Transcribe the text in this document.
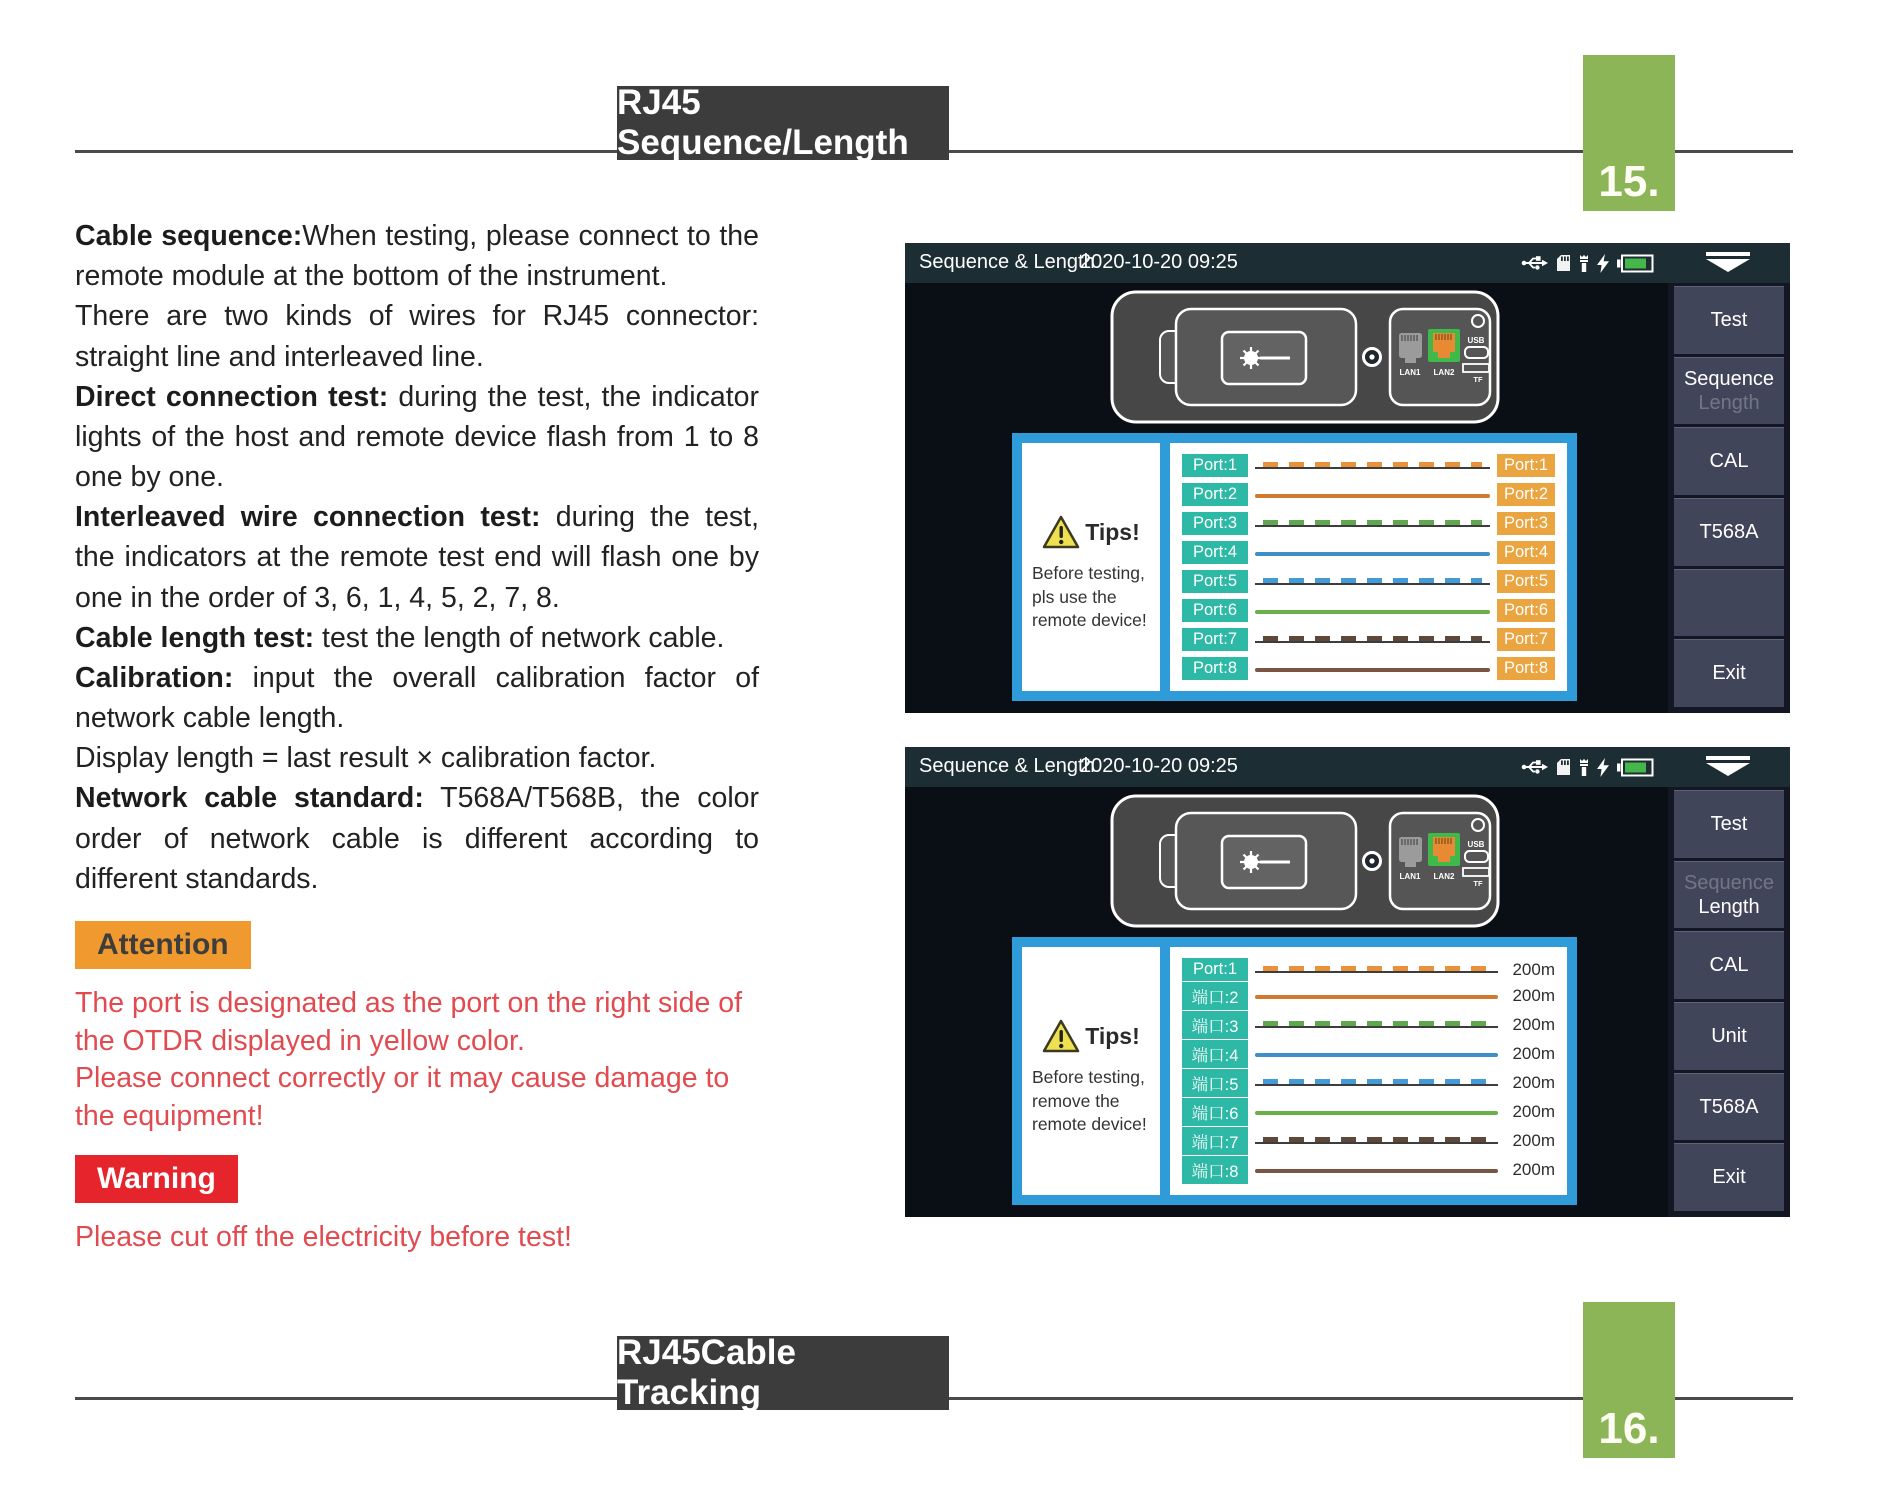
RJ45 Sequence/Length
RJ45Cable Tracking
15.
16.

Cable sequence:When testing, please connect to the remote module at the bottom of the instrument.

There are two kinds of wires for RJ45 connector: straight line and interleaved line.

Direct connection test: during the test, the indicator lights of the host and remote device flash from 1 to 8 one by one.

Interleaved wire connection test: during the test, the indicators at the remote test end will flash one by one in the order of 3, 6, 1, 4, 5, 2, 7, 8.

Cable length test: test the length of network cable.

Calibration: input the overall calibration factor of network cable length.

Display length = last result × calibration factor.

Network cable standard: T568A/T568B, the color order of network cable is different according to different standards.

Attention

The port is designated as the port on the right side of the OTDR displayed in yellow color.
Please connect correctly or it may cause damage to the equipment!

Warning

Please cut off the electricity before test!

Sequence & Length
2020-10-20 09:25
LAN1 LAN2
USB
TF
Tips!
Before testing,
pls use the
remote device!
Port:1	Port:1
Port:2	Port:2
Port:3	Port:3
Port:4	Port:4
Port:5	Port:5
Port:6	Port:6
Port:7	Port:7
Port:8	Port:8
Test
Sequence
Length
CAL
T568A
Exit
Sequence & Length
2020-10-20 09:25
LAN1 LAN2
USB
TF
Tips!
Before testing,
remove the
remote device!
Port:1	200m
端口:2	200m
端口:3	200m
端口:4	200m
端口:5	200m
端口:6	200m
端口:7	200m
端口:8	200m
Test
Sequence
Length
CAL
Unit
T568A
Exit
